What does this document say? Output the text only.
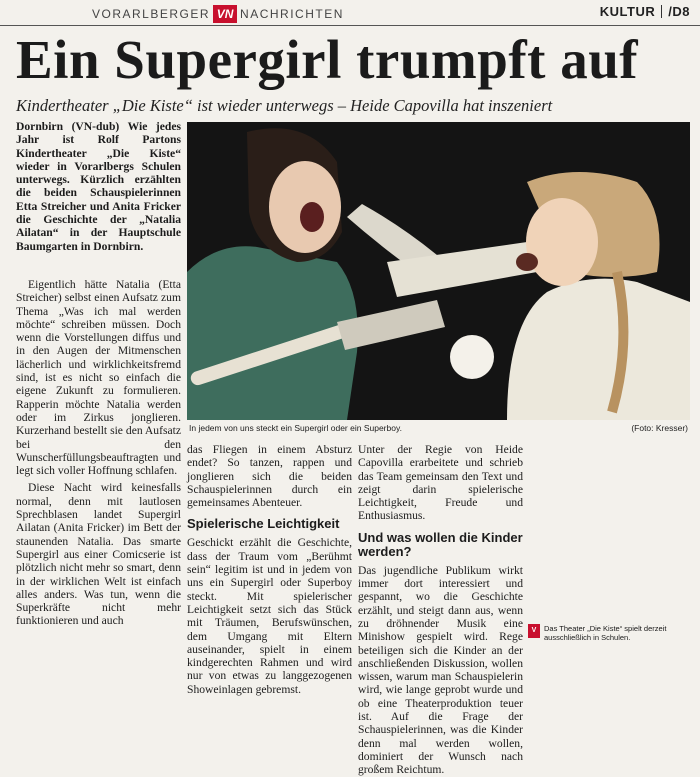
VORARLBERGER VN NACHRICHTEN	KULTUR /D8
Ein Supergirl trumpft auf
Kindertheater „Die Kiste“ ist wieder unterwegs – Heide Capovilla hat inszeniert

Dornbirn (VN-dub) Wie jedes Jahr ist Rolf Partons Kindertheater „Die Kiste“ wieder in Vorarlbergs Schulen unterwegs. Kürzlich erzählten die beiden Schauspielerinnen Etta Streicher und Anita Fricker die Geschichte der „Natalia Ailatan“ in der Hauptschule Baumgarten in Dornbirn.

Eigentlich hätte Natalia (Etta Streicher) selbst einen Aufsatz zum Thema „Was ich mal werden möchte“ schreiben müssen. Doch wenn die Vorstellungen diffus und in den Augen der Mitmenschen lächerlich und wirklichkeitsfremd sind, ist es nicht so einfach die eigene Zukunft zu formulieren. Rapperin möchte Natalia werden oder im Zirkus jonglieren. Kurzerhand bestellt sie den Aufsatz bei den Wunscherfüllungsbeauftragten und legt sich voller Hoffnung schlafen.

Diese Nacht wird keinesfalls normal, denn mit lautlosen Sprechblasen landet Supergirl Ailatan (Anita Fricker) im Bett der staunenden Natalia. Das smarte Supergirl aus einer Comicserie ist plötzlich nicht mehr so smart, denn in der wirklichen Welt ist einfach alles anders. Was tun, wenn die Superkräfte nicht mehr funktionieren und auch

In jedem von uns steckt ein Supergirl oder ein Superboy.	(Foto: Kresser)

das Fliegen in einem Absturz endet? So tanzen, rappen und jonglieren sich die beiden Schauspielerinnen durch ein gemeinsames Abenteuer.

Spielerische Leichtigkeit

Geschickt erzählt die Geschichte, dass der Traum vom „Berühmt sein“ legitim ist und in jedem von uns ein Supergirl oder Superboy steckt. Mit spielerischer Leichtigkeit setzt sich das Stück mit Träumen, Berufswünschen, dem Umgang mit Eltern auseinander, spielt in einem kindgerechten Rahmen und wird nur von etwas zu langgezogenen Showeinlagen gebremst.

Unter der Regie von Heide Capovilla erarbeitete und schrieb das Team gemeinsam den Text und zeigt darin spielerische Leichtigkeit, Freude und Enthusiasmus.

Und was wollen die Kinder werden?

Das jugendliche Publikum wirkt immer dort interessiert und gespannt, wo die Geschichte erzählt, und steigt dann aus, wenn zu dröhnender Musik eine Minishow gespielt wird. Rege beteiligen sich die Kinder an der anschließenden Diskussion, wollen wissen, warum man Schauspielerin wird, wie lange geprobt wurde und ob eine Theaterproduktion teuer ist. Auf die Frage der Schauspielerinnen, was die Kinder denn mal werden wollen, dominiert der Wunsch nach großem Reichtum.

V	Das Theater „Die Kiste“ spielt derzeit ausschließlich in Schulen.
